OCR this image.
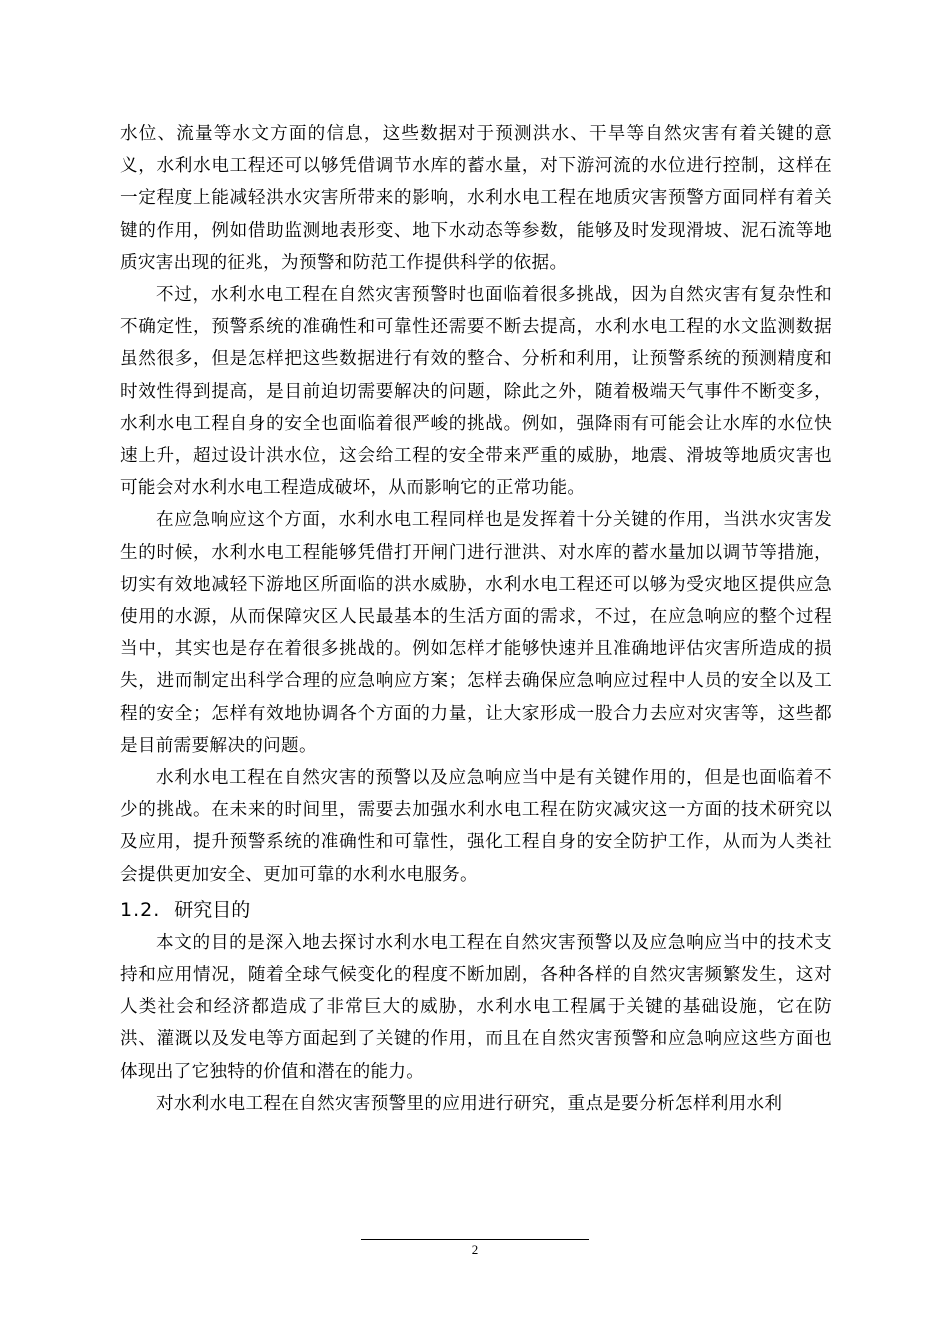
水位、流量等水文方面的信息，这些数据对于预测洪水、干旱等自然灾害有着关键的意义，水利水电工程还可以够凭借调节水库的蓄水量，对下游河流的水位进行控制，这样在一定程度上能减轻洪水灾害所带来的影响，水利水电工程在地质灾害预警方面同样有着关键的作用，例如借助监测地表形变、地下水动态等参数，能够及时发现滑坡、泥石流等地质灾害出现的征兆，为预警和防范工作提供科学的依据。

不过，水利水电工程在自然灾害预警时也面临着很多挑战，因为自然灾害有复杂性和不确定性，预警系统的准确性和可靠性还需要不断去提高，水利水电工程的水文监测数据虽然很多，但是怎样把这些数据进行有效的整合、分析和利用，让预警系统的预测精度和时效性得到提高，是目前迫切需要解决的问题，除此之外，随着极端天气事件不断变多，水利水电工程自身的安全也面临着很严峻的挑战。例如，强降雨有可能会让水库的水位快速上升，超过设计洪水位，这会给工程的安全带来严重的威胁，地震、滑坡等地质灾害也可能会对水利水电工程造成破坏，从而影响它的正常功能。

在应急响应这个方面，水利水电工程同样也是发挥着十分关键的作用，当洪水灾害发生的时候，水利水电工程能够凭借打开闸门进行泄洪、对水库的蓄水量加以调节等措施，切实有效地减轻下游地区所面临的洪水威胁，水利水电工程还可以够为受灾地区提供应急使用的水源，从而保障灾区人民最基本的生活方面的需求，不过，在应急响应的整个过程当中，其实也是存在着很多挑战的。例如怎样才能够快速并且准确地评估灾害所造成的损失，进而制定出科学合理的应急响应方案；怎样去确保应急响应过程中人员的安全以及工程的安全；怎样有效地协调各个方面的力量，让大家形成一股合力去应对灾害等，这些都是目前需要解决的问题。

水利水电工程在自然灾害的预警以及应急响应当中是有关键作用的，但是也面临着不少的挑战。在未来的时间里，需要去加强水利水电工程在防灾减灾这一方面的技术研究以及应用，提升预警系统的准确性和可靠性，强化工程自身的安全防护工作，从而为人类社会提供更加安全、更加可靠的水利水电服务。

1.2. 研究目的

本文的目的是深入地去探讨水利水电工程在自然灾害预警以及应急响应当中的技术支持和应用情况，随着全球气候变化的程度不断加剧，各种各样的自然灾害频繁发生，这对人类社会和经济都造成了非常巨大的威胁，水利水电工程属于关键的基础设施，它在防洪、灌溉以及发电等方面起到了关键的作用，而且在自然灾害预警和应急响应这些方面也体现出了它独特的价值和潜在的能力。

对水利水电工程在自然灾害预警里的应用进行研究，重点是要分析怎样利用水利

2
